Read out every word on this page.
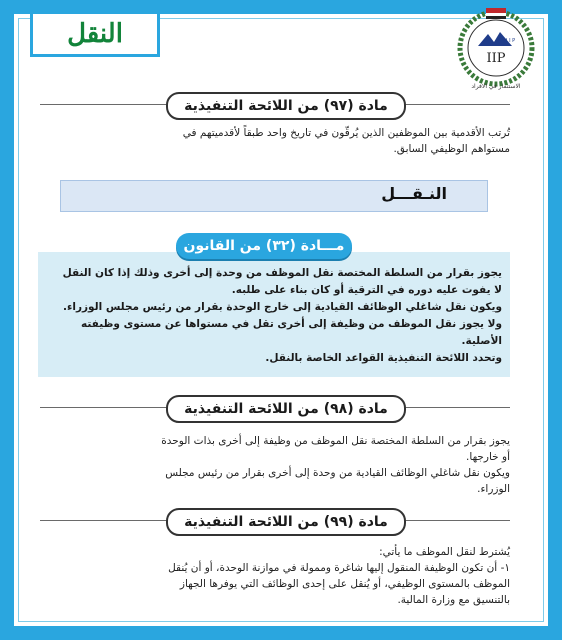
النقل	I I P
IIP
الاستثمار في الافراد
مادة (٩٧) من اللائحة التنفيذية

تُرتب الأقدمية بين الموظفين الذين يُرقّون في تاريخ واحد طبقاً لأقدميتهم في

مستواهم الوظيفي السابق.

النـقـــل
مـــادة (٣٢) من القانون

يجوز بقرار من السلطة المختصة نقل الموظف من وحدة إلى أخرى وذلك إذا كان النقل

لا يفوت عليه دوره في الترقية أو كان بناء على طلبه.

ويكون نقل شاغلي الوظائف القيادية إلى خارج الوحدة بقرار من رئيس مجلس الوزراء.

ولا يجوز نقل الموظف من وظيفة إلى أخرى تقل في مستواها عن مستوى وظيفته

الأصلية.

وتحدد اللائحة التنفيذية القواعد الخاصة بالنقل.

مادة (٩٨) من اللائحة التنفيذية

يجوز بقرار من السلطة المختصة نقل الموظف من وظيفة إلى أخرى بذات الوحدة

أو خارجها.

ويكون نقل شاغلي الوظائف القيادية من وحدة إلى أخرى بقرار من رئيس مجلس

الوزراء.

مادة (٩٩) من اللائحة التنفيذية

يُشترط لنقل الموظف ما يأتي:

١- أن تكون الوظيفة المنقول إليها شاغرة وممولة في موازنة الوحدة، أو أن يُنقل

الموظف بالمستوى الوظيفي، أو يُنقل على إحدى الوظائف التي يوفرها الجهاز

بالتنسيق مع وزارة المالية.
